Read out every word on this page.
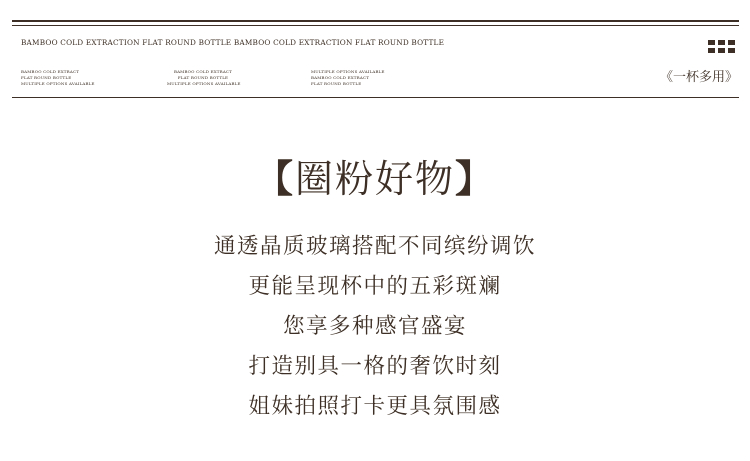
BAMBOO COLD EXTRACTION FLAT ROUND BOTTLE BAMBOO COLD EXTRACTION FLAT ROUND BOTTLE
BAMBOO COLD EXTRACT
FLAT ROUND BOTTLE
MULTIPLE OPTIONS AVAILABLE
BAMBOO COLD EXTRACT
FLAT ROUND BOTTLE
MULTIPLE OPTIONS AVAILABLE
MULTIPLE OPTIONS AVAILABLE
BAMBOO COLD EXTRACT
FLAT ROUND BOTTLE	《一杯多用》
【圈粉好物】
通透晶质玻璃搭配不同缤纷调饮
更能呈现杯中的五彩斑斓
您享多种感官盛宴
打造别具一格的奢饮时刻
姐妹拍照打卡更具氛围感
